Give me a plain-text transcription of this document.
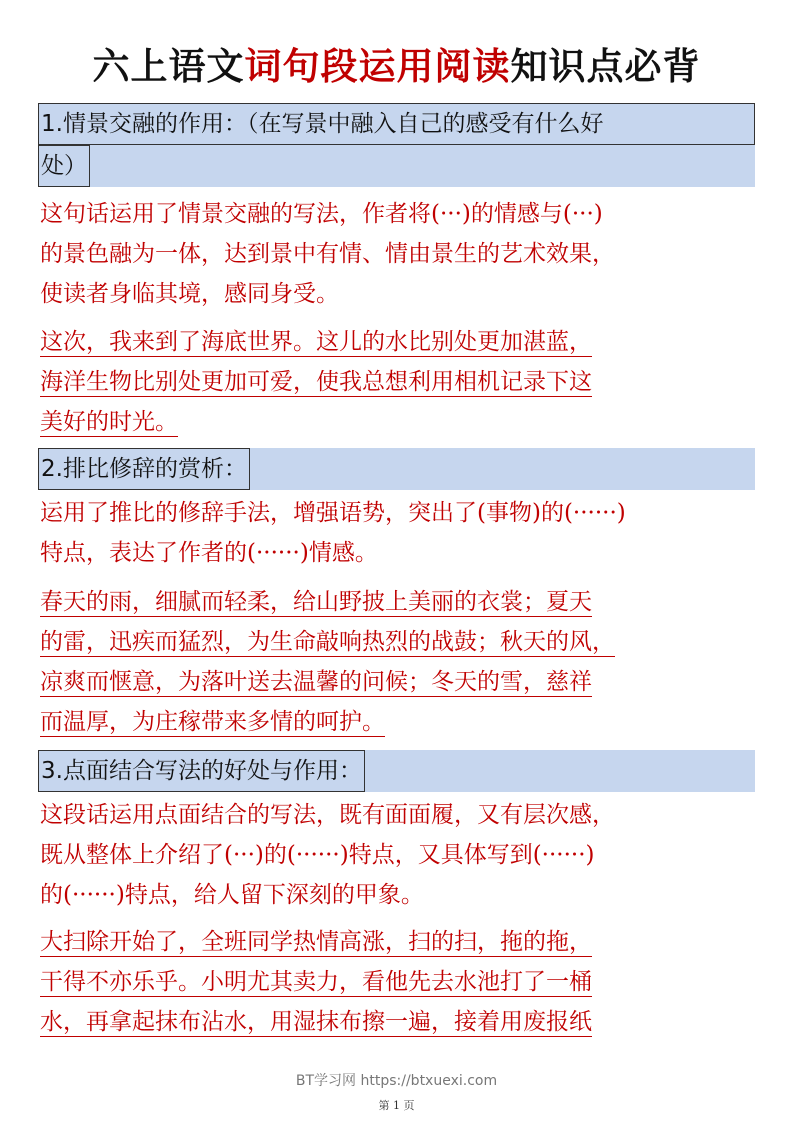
六上语文词句段运用阅读知识点必背
1.情景交融的作用：（在写景中融入自己的感受有什么好
处）
这句话运用了情景交融的写法，作者将(···)的情感与(···)
的景色融为一体，达到景中有情、情由景生的艺术效果，
使读者身临其境，感同身受。
这次，我来到了海底世界。这儿的水比别处更加湛蓝，
海洋生物比别处更加可爱，使我总想利用相机记录下这
美好的时光。
2.排比修辞的赏析：
运用了推比的修辞手法，增强语势，突出了(事物)的(······)
特点，表达了作者的(······)情感。
春天的雨，细腻而轻柔，给山野披上美丽的衣裳；夏天
的雷，迅疾而猛烈，为生命敲响热烈的战鼓；秋天的风，
凉爽而惬意，为落叶送去温馨的问候；冬天的雪，慈祥
而温厚，为庄稼带来多情的呵护。
3.点面结合写法的好处与作用：
这段话运用点面结合的写法，既有面面履，又有层次感，
既从整体上介绍了(···)的(······)特点，又具体写到(······)
的(······)特点，给人留下深刻的甲象。
大扫除开始了，全班同学热情高涨，扫的扫，拖的拖，
干得不亦乐乎。小明尤其卖力，看他先去水池打了一桶
水，再拿起抹布沾水，用湿抹布擦一遍，接着用废报纸
BT学习网 https://btxuexi.com
第 1 页
